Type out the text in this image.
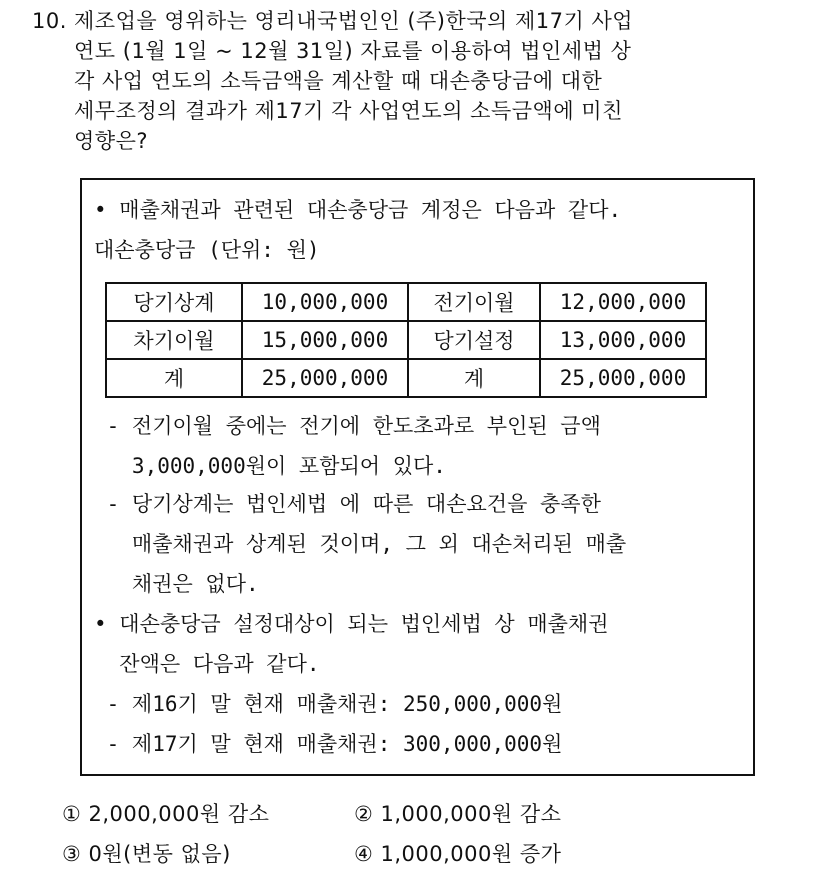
10. 제조업을 영위하는 영리내국법인인 (주)한국의 제17기 사업
연도 (1월 1일 ~ 12월 31일) 자료를 이용하여 법인세법 상
각 사업 연도의 소득금액을 계산할 때 대손충당금에 대한
세무조정의 결과가 제17기 각 사업연도의 소득금액에 미친
영향은?
• 매출채권과 관련된 대손충당금 계정은 다음과 같다.
대손충당금 (단위: 원)
당기상계	10,000,000	전기이월	12,000,000
차기이월	15,000,000	당기설정	13,000,000
계	25,000,000	계	25,000,000
- 전기이월 중에는 전기에 한도초과로 부인된 금액
3,000,000원이 포함되어 있다.
- 당기상계는 법인세법 에 따른 대손요건을 충족한
매출채권과 상계된 것이며, 그 외 대손처리된 매출
채권은 없다.
• 대손충당금 설정대상이 되는 법인세법 상 매출채권
잔액은 다음과 같다.
- 제16기 말 현재 매출채권: 250,000,000원
- 제17기 말 현재 매출채권: 300,000,000원
① 2,000,000원 감소	② 1,000,000원 감소
③ 0원(변동 없음)	④ 1,000,000원 증가
